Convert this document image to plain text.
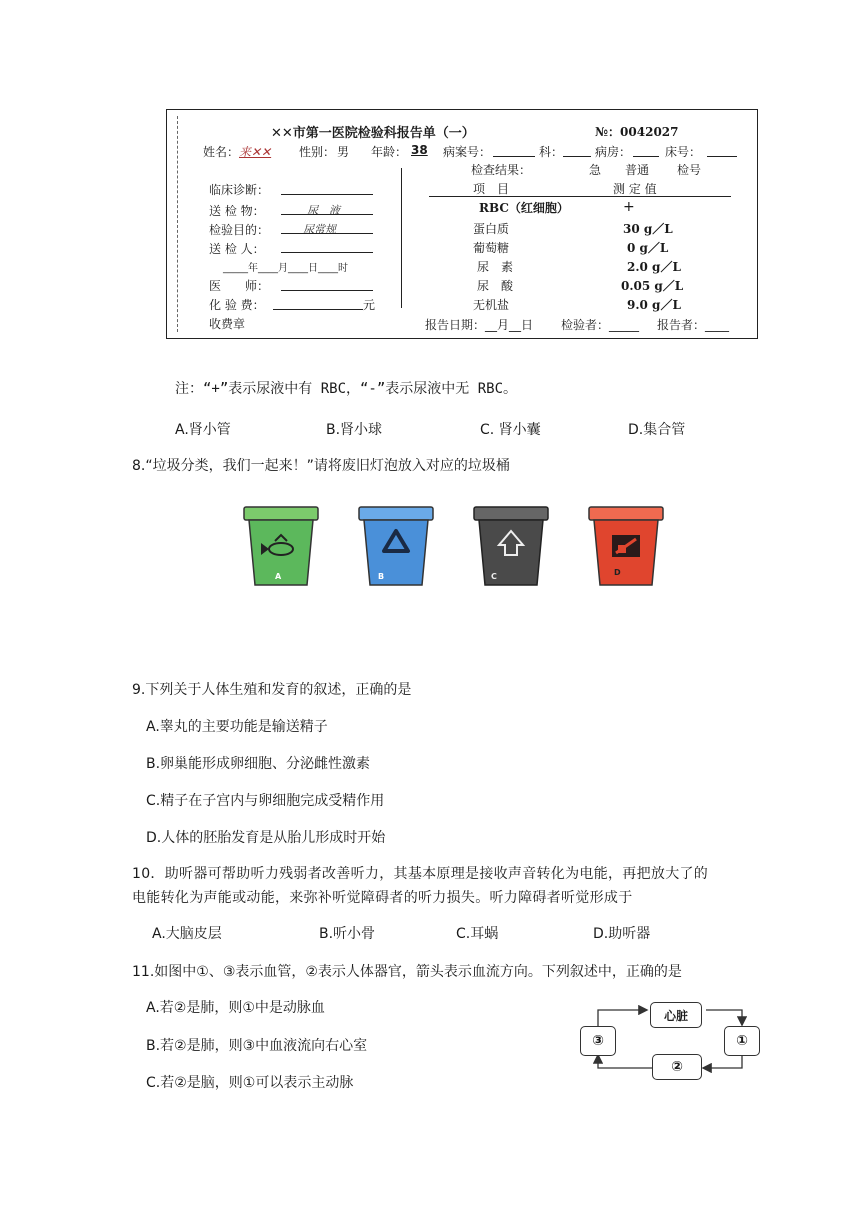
✕✕市第一医院检验科报告单（一）	№：0042027
姓名： 来✕✕ 性别： 男 年龄： 38 病案号：	科：	病房：	床号：
检查结果：	急 普通 检号
项　目	测 定 值
RBC（红细胞）	+
蛋白质	30 g／L
葡萄糖	0 g／L
尿　素	2.0 g／L
尿　酸	0.05 g／L
无机盐	9.0 g／L
临床诊断：
送 检 物：	尿　液
检验目的：	尿常规
送 检 人：
_____年____月____日____时
医　　师：
化 验 费：	元
收费章	报告日期：__月__日 检验者：_____ 报告者：____
注：“+”表示尿液中有 RBC，“-”表示尿液中无 RBC。
A.肾小管	B.肾小球	C. 肾小囊	D.集合管
8.“垃圾分类，我们一起来！”请将废旧灯泡放入对应的垃圾桶
A	B	C	D
9.下列关于人体生殖和发育的叙述，正确的是
A.睾丸的主要功能是输送精子
B.卵巢能形成卵细胞、分泌雌性激素
C.精子在子宫内与卵细胞完成受精作用
D.人体的胚胎发育是从胎儿形成时开始
10．助听器可帮助听力残弱者改善听力，其基本原理是接收声音转化为电能，再把放大了的
电能转化为声能或动能，来弥补听觉障碍者的听力损失。听力障碍者听觉形成于
A.大脑皮层	B.听小骨	C.耳蜗	D.助听器
11.如图中①、③表示血管，②表示人体器官，箭头表示血流方向。下列叙述中，正确的是
A.若②是肺，则①中是动脉血
B.若②是肺，则③中血液流向右心室
C.若②是脑，则①可以表示主动脉
心脏
③	①
②
